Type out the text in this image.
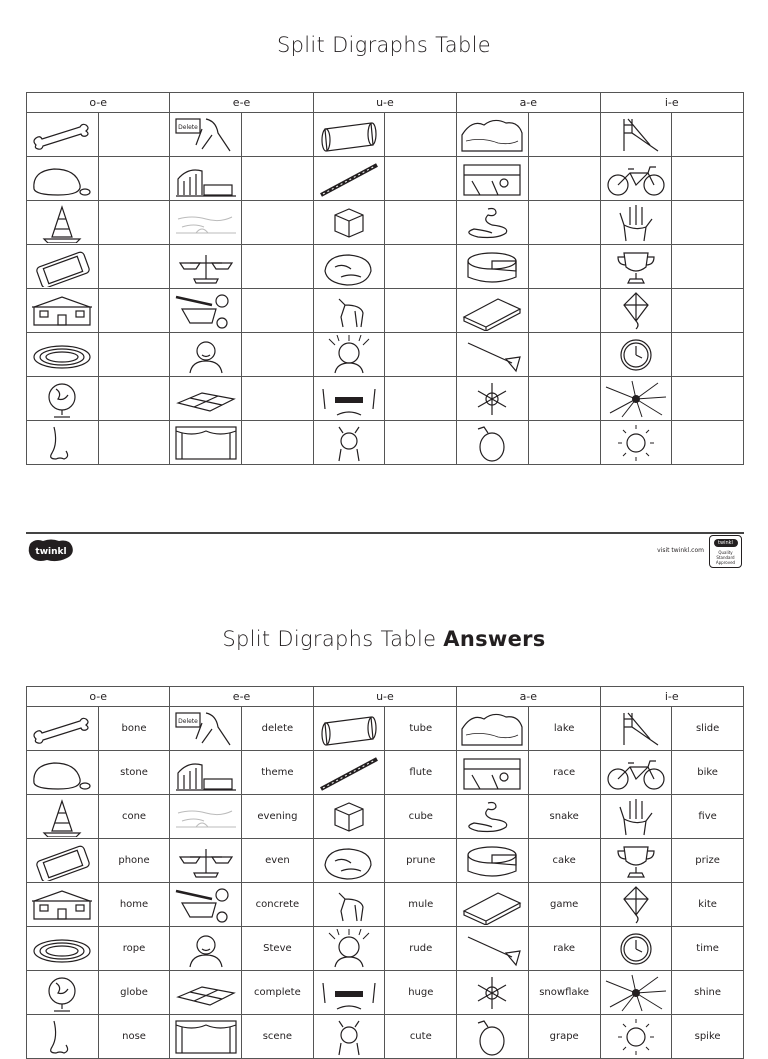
Split Digraphs Table
o-e		e-e		u-e		a-e		i-e	

Delete

twinkl	visit twinkl.com
twinkl
Quality Standard Approved
Split Digraphs Table Answers
o-e		e-e		u-e		a-e		i-e	

	bone	Delete	delete		tube		lake		slide

	stone		theme		flute		race		bike

	cone		evening		cube		snake		five

	phone		even		prune		cake		prize

	home		concrete		mule		game		kite

	rope		Steve		rude		rake		time

	globe		complete		huge		snowflake		shine

	nose		scene		cute		grape		spike
